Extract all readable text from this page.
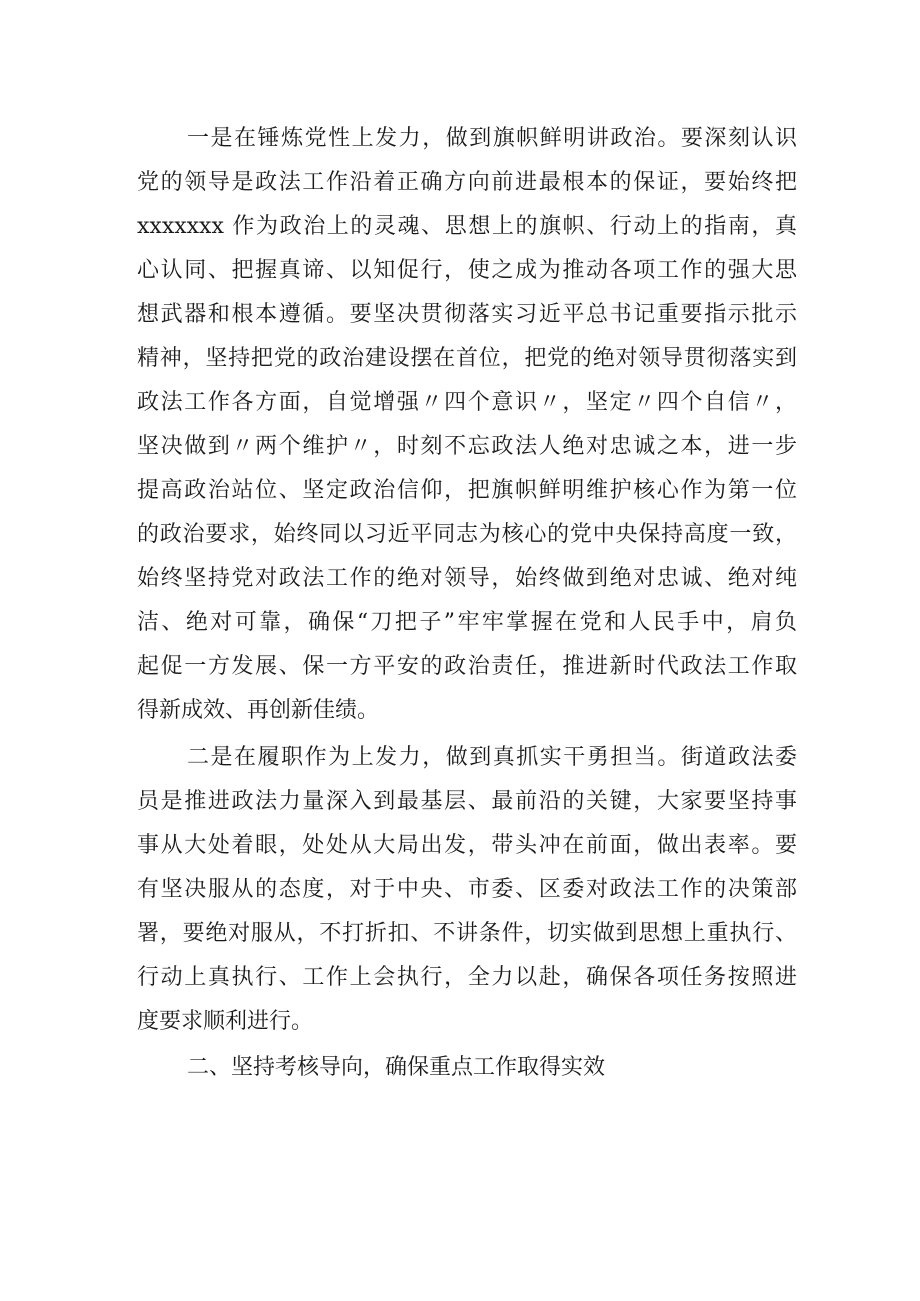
一是在锤炼党性上发力，做到旗帜鲜明讲政治。要深刻认识
党的领导是政法工作沿着正确方向前进最根本的保证，要始终把
xxxxxxx 作为政治上的灵魂、思想上的旗帜、行动上的指南，真
心认同、把握真谛、以知促行，使之成为推动各项工作的强大思
想武器和根本遵循。要坚决贯彻落实习近平总书记重要指示批示
精神，坚持把党的政治建设摆在首位，把党的绝对领导贯彻落实到
政法工作各方面，自觉增强〃四个意识〃，坚定〃四个自信〃，
坚决做到〃两个维护〃，时刻不忘政法人绝对忠诚之本，进一步
提高政治站位、坚定政治信仰，把旗帜鲜明维护核心作为第一位
的政治要求，始终同以习近平同志为核心的党中央保持高度一致，
始终坚持党对政法工作的绝对领导，始终做到绝对忠诚、绝对纯
洁、绝对可靠，确保“刀把子”牢牢掌握在党和人民手中，肩负
起促一方发展、保一方平安的政治责任，推进新时代政法工作取
得新成效、再创新佳绩。
二是在履职作为上发力，做到真抓实干勇担当。街道政法委
员是推进政法力量深入到最基层、最前沿的关键，大家要坚持事
事从大处着眼，处处从大局出发，带头冲在前面，做出表率。要
有坚决服从的态度，对于中央、市委、区委对政法工作的决策部
署，要绝对服从，不打折扣、不讲条件，切实做到思想上重执行、
行动上真执行、工作上会执行，全力以赴，确保各项任务按照进
度要求顺利进行。
二、坚持考核导向，确保重点工作取得实效
